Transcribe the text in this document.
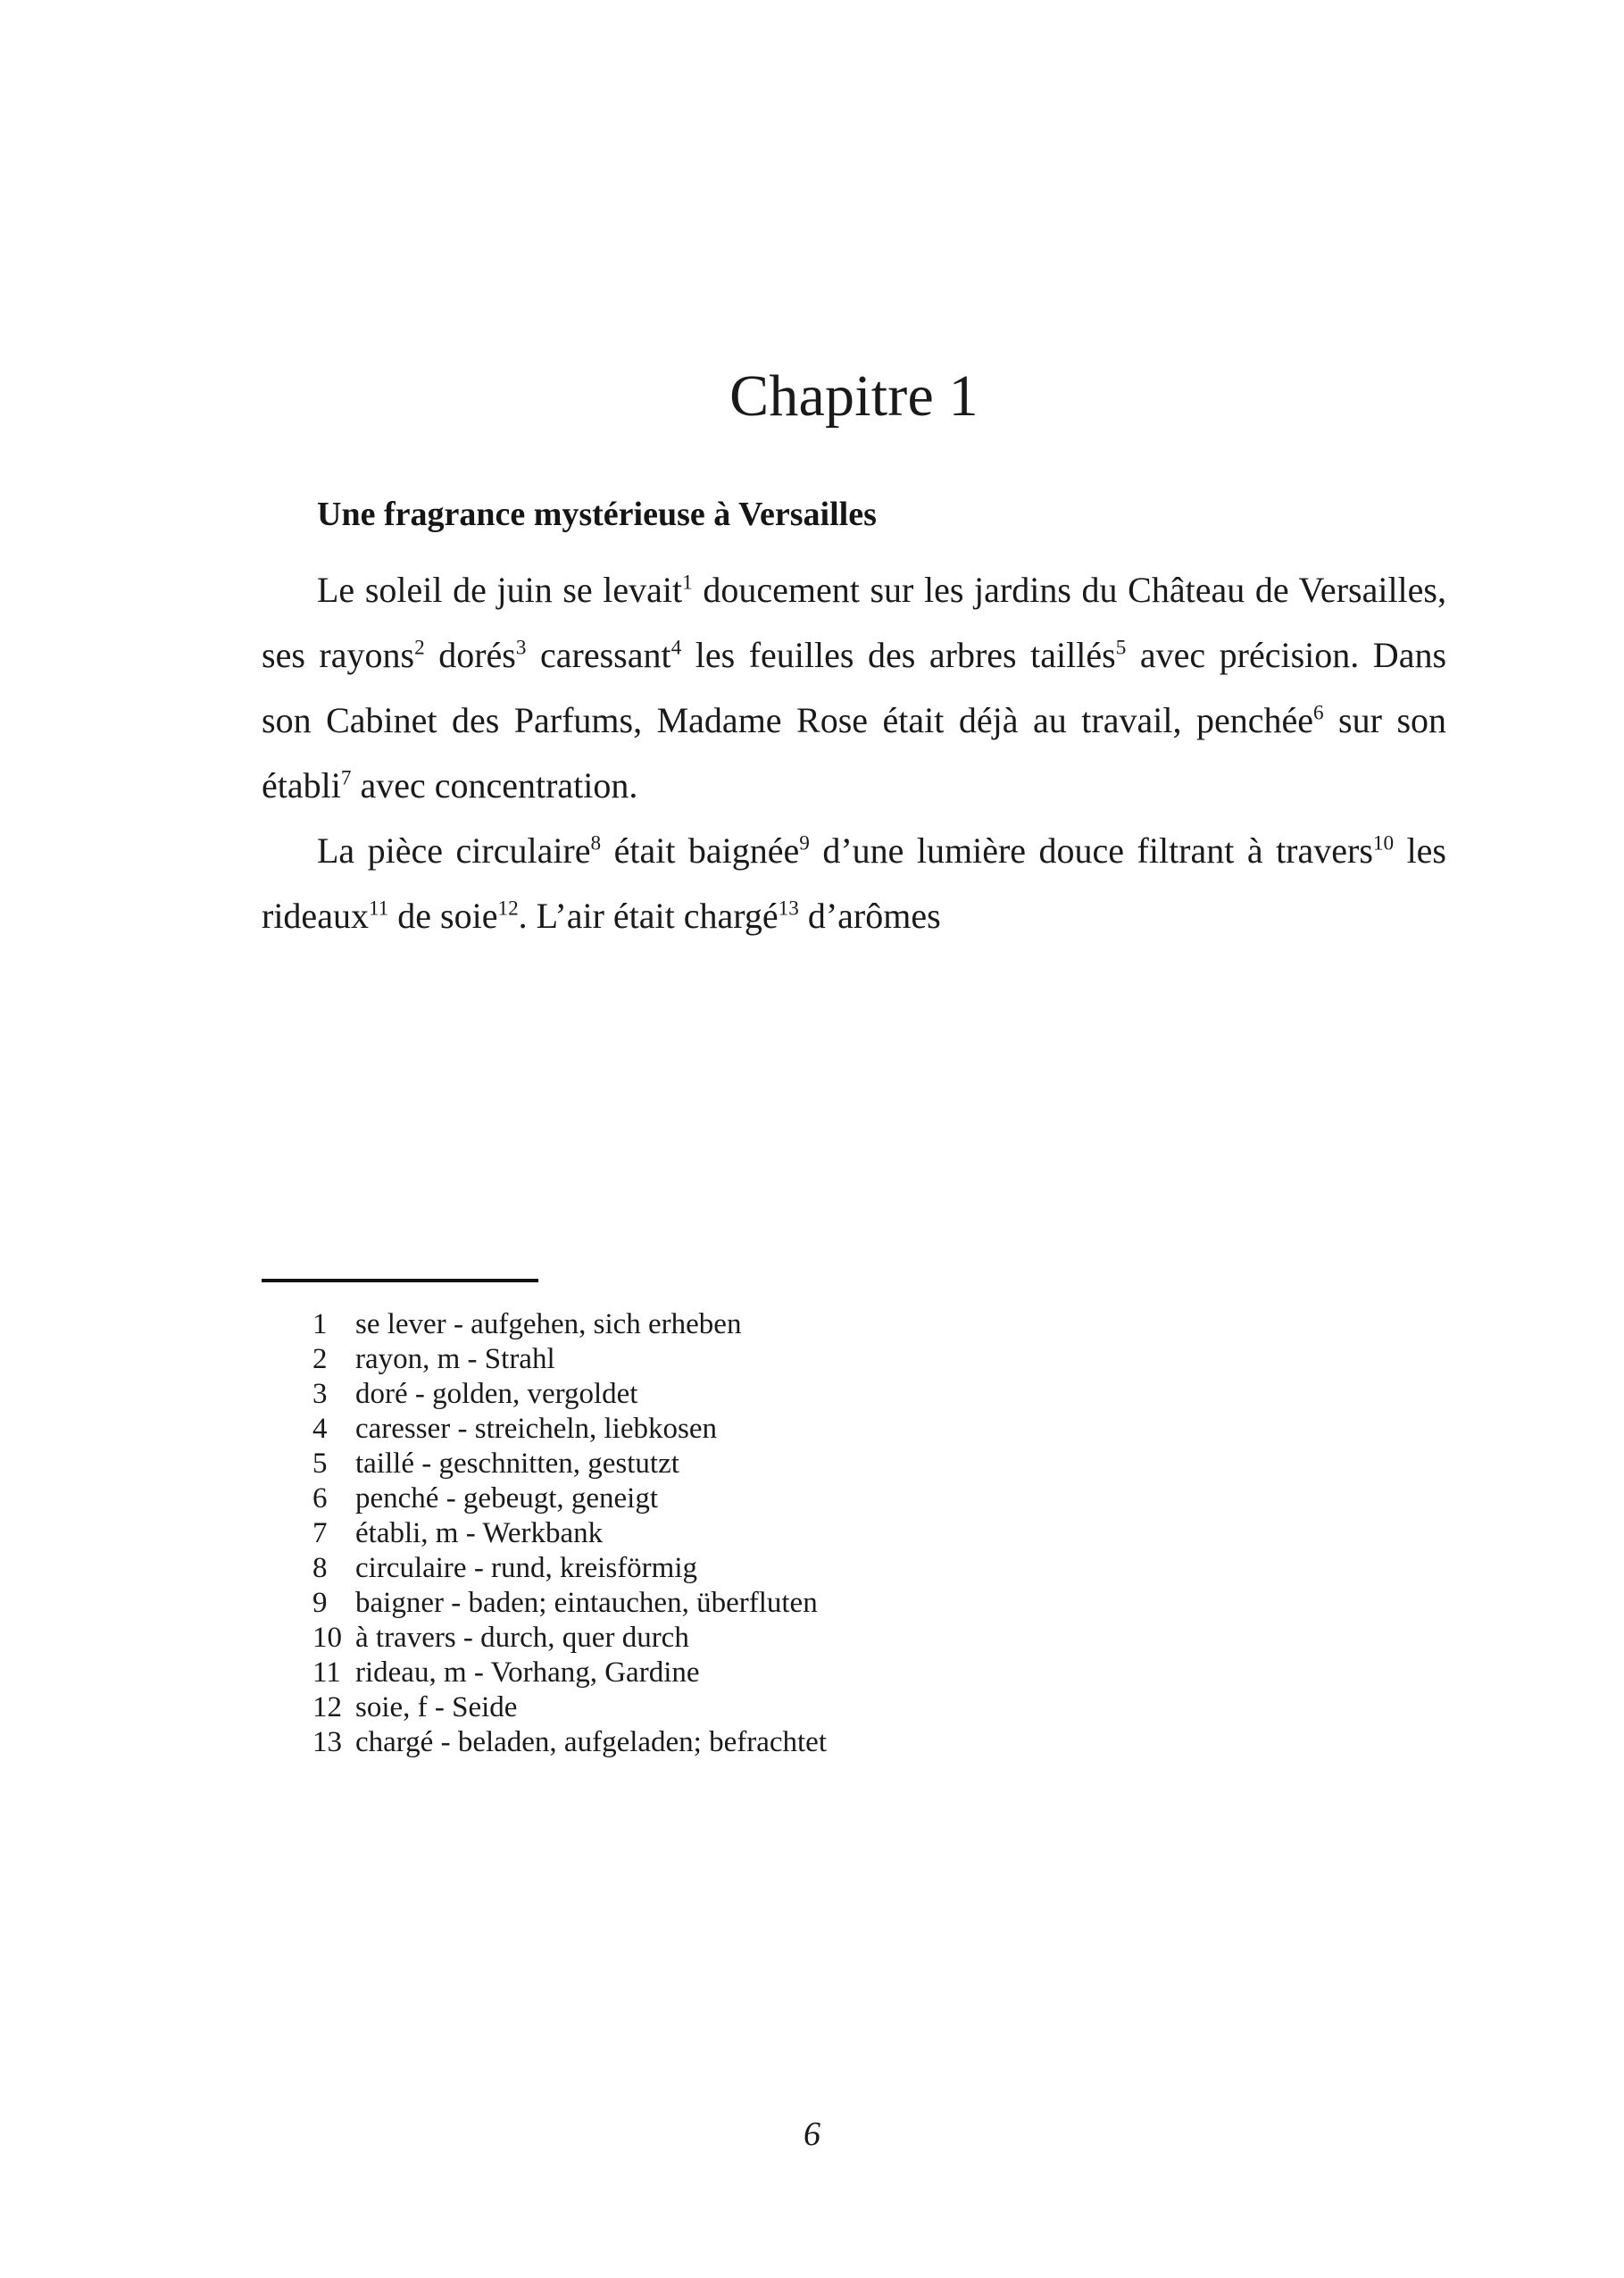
Chapitre 1

Une fragrance mystérieuse à Versailles

Le soleil de juin se levait$^1$ doucement sur les jardins du Château de Versailles, ses rayons$^2$ dorés$^3$ caressant$^4$ les feuilles des arbres taillés$^5$ avec précision. Dans son Cabinet des Parfums, Madame Rose était déjà au travail, penchée$^6$ sur son établi$^7$ avec concentration.

La pièce circulaire$^8$ était baignée$^9$ d’une lumière douce filtrant à travers$^{10}$ les rideaux$^{11}$ de soie$^{12}$. L’air était chargé$^{13}$ d’arômes

1 se lever - aufgehen, sich erheben
2 rayon, m - Strahl
3 doré - golden, vergoldet
4 caresser - streicheln, liebkosen
5 taillé - geschnitten, gestutzt
6 penché - gebeugt, geneigt
7 établi, m - Werkbank
8 circulaire - rund, kreisförmig
9 baigner - baden; eintauchen, überfluten
10 à travers - durch, quer durch
11 rideau, m - Vorhang, Gardine
12 soie, f - Seide
13 chargé - beladen, aufgeladen; befrachtet
6
